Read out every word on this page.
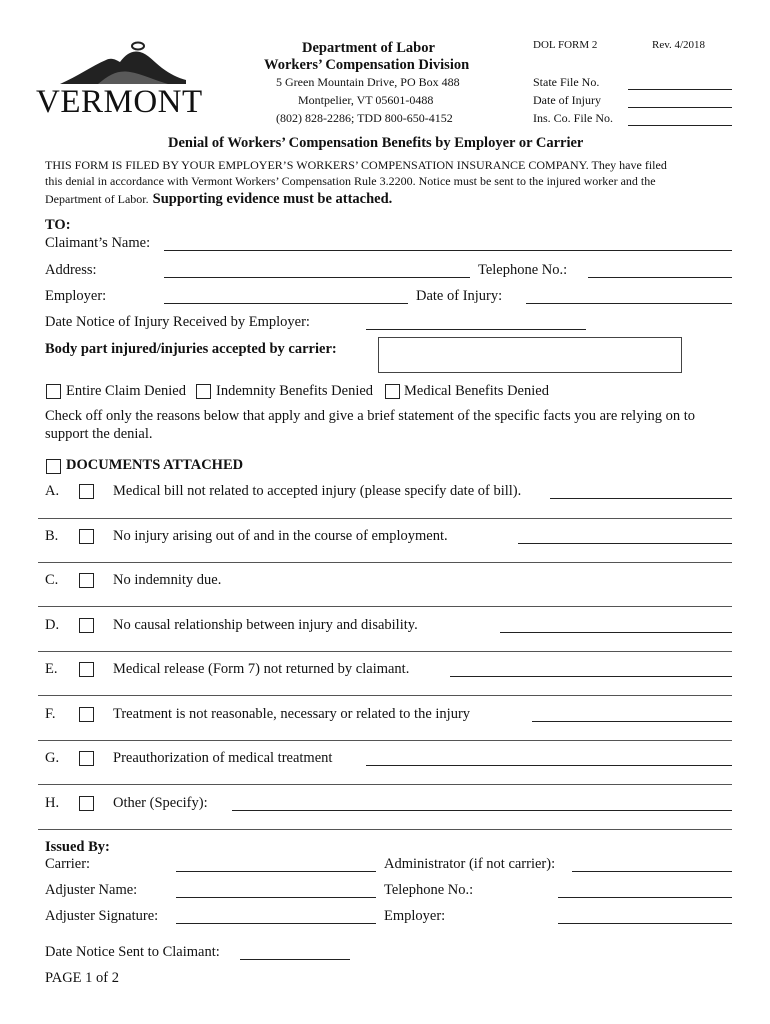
VERMONT
Department of Labor
Workers’ Compensation Division
5 Green Mountain Drive, PO Box 488
Montpelier, VT 05601-0488
(802) 828-2286; TDD 800-650-4152
DOL FORM 2	Rev. 4/2018
State File No.
Date of Injury
Ins. Co. File No.
Denial of Workers’ Compensation Benefits by Employer or Carrier
THIS FORM IS FILED BY YOUR EMPLOYER’S WORKERS’ COMPENSATION INSURANCE COMPANY. They have filed
this denial in accordance with Vermont Workers’ Compensation Rule 3.2200. Notice must be sent to the injured worker and the
Department of Labor. Supporting evidence must be attached.
TO:
Claimant’s Name:
Address:	Telephone No.:
Employer:	Date of Injury:
Date Notice of Injury Received by Employer:
Body part injured/injuries accepted by carrier:
Entire Claim Denied Indemnity Benefits Denied Medical Benefits Denied
Check off only the reasons below that apply and give a brief statement of the specific facts you are relying on to
support the denial.
DOCUMENTS ATTACHED
A.	Medical bill not related to accepted injury (please specify date of bill).
B.	No injury arising out of and in the course of employment.
C.	No indemnity due.
D.	No causal relationship between injury and disability.
E.	Medical release (Form 7) not returned by claimant.
F.	Treatment is not reasonable, necessary or related to the injury
G.	Preauthorization of medical treatment
H.	Other (Specify):
Issued By:
Carrier:	Administrator (if not carrier):
Adjuster Name:	Telephone No.:
Adjuster Signature:	Employer:
Date Notice Sent to Claimant:
PAGE 1 of 2
